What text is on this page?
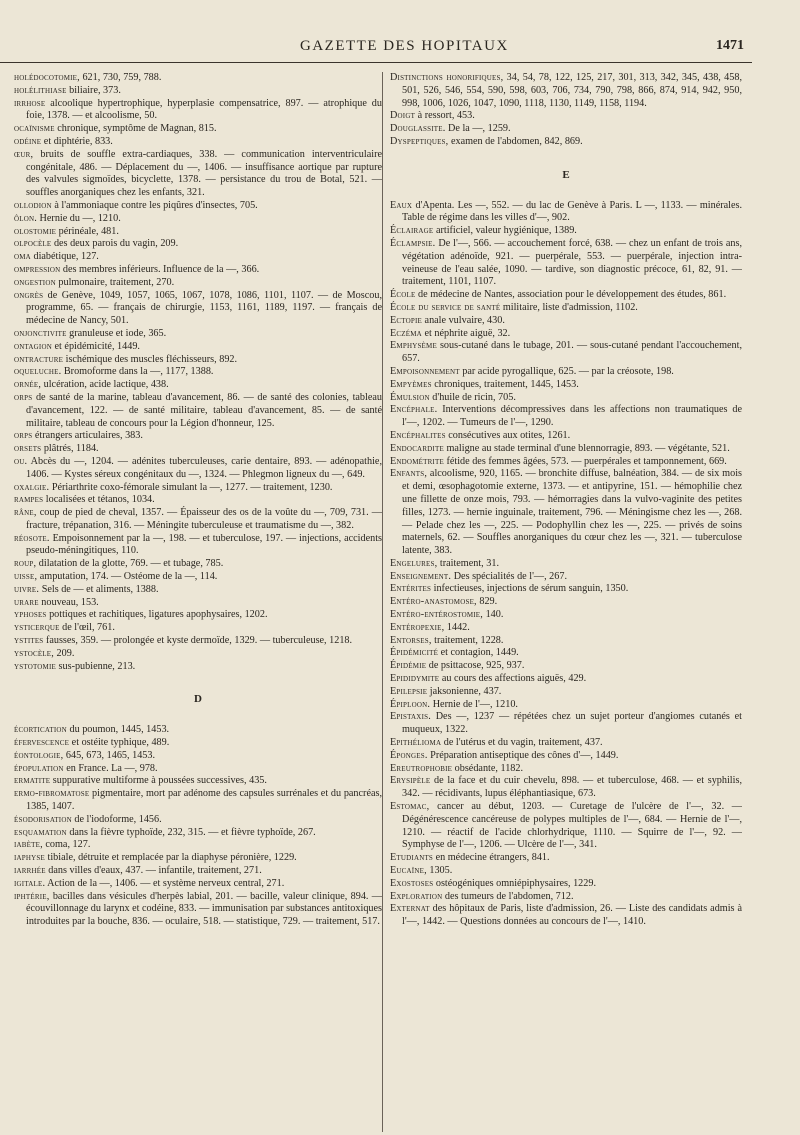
GAZETTE DES HOPITAUX	1471

holédocotomie, 621, 730, 759, 788.

holélithiase biliaire, 373.

irrhose alcoolique hypertrophique, hyperplasie compensatrice, 897. — atrophique du foie, 1378. — et alcoolisme, 50.

ocaïnisme chronique, symptôme de Magnan, 815.

odéine et diphtérie, 833.

œur, bruits de souffle extra-cardiaques, 338. — communication interventriculaire congénitale, 486. — Déplacement du —, 1406. — insuffisance aortique par rupture des valvules sigmoïdes, bicyclette, 1378. — persistance du trou de Botal, 521. — souffles anorganiques chez les enfants, 321.

ollodion à l'ammoniaque contre les piqûres d'insectes, 705.

ôlon. Hernie du —, 1210.

olostomie périnéale, 481.

olpocèle des deux parois du vagin, 209.

oma diabétique, 127.

ompression des membres inférieurs. Influence de la —, 366.

ongestion pulmonaire, traitement, 270.

ongrès de Genève, 1049, 1057, 1065, 1067, 1078, 1086, 1101, 1107. — de Moscou, programme, 65. — français de chirurgie, 1153, 1161, 1189, 1197. — français de médecine de Nancy, 501.

onjonctivite granuleuse et iode, 365.

ontagion et épidémicité, 1449.

ontracture ischémique des muscles fléchisseurs, 892.

oqueluche. Bromoforme dans la —, 1177, 1388.

ornée, ulcération, acide lactique, 438.

orps de santé de la marine, tableau d'avancement, 86. — de santé des colonies, tableau d'avancement, 122. — de santé militaire, tableau d'avancement, 85. — de santé militaire, tableau de concours pour la Légion d'honneur, 125.

orps étrangers articulaires, 383.

orsets plâtrés, 1184.

ou. Abcès du —, 1204. — adénites tuberculeuses, carie dentaire, 893. — adénopathie, 1406. — Kystes séreux congénitaux du —, 1324. — Phlegmon ligneux du —, 649.

oxalgie. Périarthrite coxo-fémorale simulant la —, 1277. — traitement, 1230.

rampes localisées et tétanos, 1034.

râne, coup de pied de cheval, 1357. — Épaisseur des os de la voûte du —, 709, 731. — fracture, trépanation, 316. — Méningite tuberculeuse et traumatisme du —, 382.

réosote. Empoisonnement par la —, 198. — et tuberculose, 197. — injections, accidents pseudo-méningitiques, 110.

roup, dilatation de la glotte, 769. — et tubage, 785.

uisse, amputation, 174. — Ostéome de la —, 114.

uivre. Sels de — et aliments, 1388.

urare nouveau, 153.

yphoses pottiques et rachitiques, ligatures apophysaires, 1202.

ysticerque de l'œil, 761.

ystites fausses, 359. — prolongée et kyste dermoïde, 1329. — tuberculeuse, 1218.

ystocèle, 209.

ystotomie sus-pubienne, 213.

D

écortication du poumon, 1445, 1453.

éfervescence et ostéite typhique, 489.

éontologie, 645, 673, 1465, 1453.

épopulation en France. La —, 978.

ermatite suppurative multiforme à poussées successives, 435.

ermo-fibromatose pigmentaire, mort par adénome des capsules surrénales et du pancréas, 1385, 1407.

ésodorisation de l'iodoforme, 1456.

esquamation dans la fièvre typhoïde, 232, 315. — et fièvre typhoïde, 267.

iabète, coma, 127.

iaphyse tibiale, détruite et remplacée par la diaphyse péronière, 1229.

iarrhée dans villes d'eaux, 437. — infantile, traitement, 271.

igitale. Action de la —, 1406. — et système nerveux central, 271.

iphtérie, bacilles dans vésicules d'herpès labial, 201. — bacille, valeur clinique, 894. — écouvillonnage du larynx et codéine, 833. — immunisation par substances antitoxiques introduites par la bouche, 836. — oculaire, 518. — statistique, 729. — traitement, 517.

Distinctions honorifiques, 34, 54, 78, 122, 125, 217, 301, 313, 342, 345, 438, 458, 501, 526, 546, 554, 590, 598, 603, 706, 734, 790, 798, 866, 874, 914, 942, 950, 998, 1006, 1026, 1047, 1090, 1118, 1130, 1149, 1158, 1194.

Doigt à ressort, 453.

Douglassite. De la —, 1259.

Dyspeptiques, examen de l'abdomen, 842, 869.

E

Eaux d'Apenta. Les —, 552. — du lac de Genève à Paris. L —, 1133. — minérales. Table de régime dans les villes d'—, 902.

Éclairage artificiel, valeur hygiénique, 1389.

Éclampsie. De l'—, 566. — accouchement forcé, 638. — chez un enfant de trois ans, végétation adénoïde, 921. — puerpérale, 553. — puerpérale, injection intra-veineuse de l'eau salée, 1090. — tardive, son diagnostic précoce, 61, 82, 91. — traitement, 1101, 1107.

École de médecine de Nantes, association pour le développement des études, 861.

École du service de santé militaire, liste d'admission, 1102.

Ectopie anale vulvaire, 430.

Eczéma et néphrite aiguë, 32.

Emphysème sous-cutané dans le tubage, 201. — sous-cutané pendant l'accouchement, 657.

Empoisonnement par acide pyrogallique, 625. — par la créosote, 198.

Empyèmes chroniques, traitement, 1445, 1453.

Émulsion d'huile de ricin, 705.

Encéphale. Interventions décompressives dans les affections non traumatiques de l'—, 1202. — Tumeurs de l'—, 1290.

Encéphalites consécutives aux otites, 1261.

Endocardite maligne au stade terminal d'une blennorragie, 893. — végétante, 521.

Endométrite fétide des femmes âgées, 573. — puerpérales et tamponnement, 669.

Enfants, alcoolisme, 920, 1165. — bronchite diffuse, balnéation, 384. — de six mois et demi, œsophagotomie externe, 1373. — et antipyrine, 151. — hémophilie chez une fillette de onze mois, 793. — hémorragies dans la vulvo-vaginite des petites filles, 1273. — hernie inguinale, traitement, 796. — Méningisme chez les —, 268. — Pelade chez les —, 225. — Podophyllin chez les —, 225. — privés de soins maternels, 62. — Souffles anorganiques du cœur chez les —, 321. — tuberculose latente, 383.

Engelures, traitement, 31.

Enseignement. Des spécialités de l'—, 267.

Entérites infectieuses, injections de sérum sanguin, 1350.

Entéro-anastomose, 829.

Entéro-entérostomie, 140.

Entéropexie, 1442.

Entorses, traitement, 1228.

Épidémicité et contagion, 1449.

Épidémie de psittacose, 925, 937.

Epididymite au cours des affections aiguës, 429.

Epilepsie jaksonienne, 437.

Épiploon. Hernie de l'—, 1210.

Epistaxis. Des —, 1237 — répétées chez un sujet porteur d'angiomes cutanés et muqueux, 1322.

Epithélioma de l'utérus et du vagin, traitement, 437.

Éponges. Préparation antiseptique des cônes d'—, 1449.

Ereutrophobie obsédante, 1182.

Erysipèle de la face et du cuir chevelu, 898. — et tuberculose, 468. — et syphilis, 342. — récidivants, lupus éléphantiasique, 673.

Estomac, cancer au début, 1203. — Curetage de l'ulcère de l'—, 32. — Dégénérescence cancéreuse de polypes multiples de l'—, 684. — Hernie de l'—, 1210. — réactif de l'acide chlorhydrique, 1110. — Squirre de l'—, 92. — Symphyse de l'—, 1206. — Ulcère de l'—, 341.

Etudiants en médecine étrangers, 841.

Eucaïne, 1305.

Exostoses ostéogéniques omniépiphysaires, 1229.

Exploration des tumeurs de l'abdomen, 712.

Externat des hôpitaux de Paris, liste d'admission, 26. — Liste des candidats admis à l'—, 1442. — Questions données au concours de l'—, 1410.
